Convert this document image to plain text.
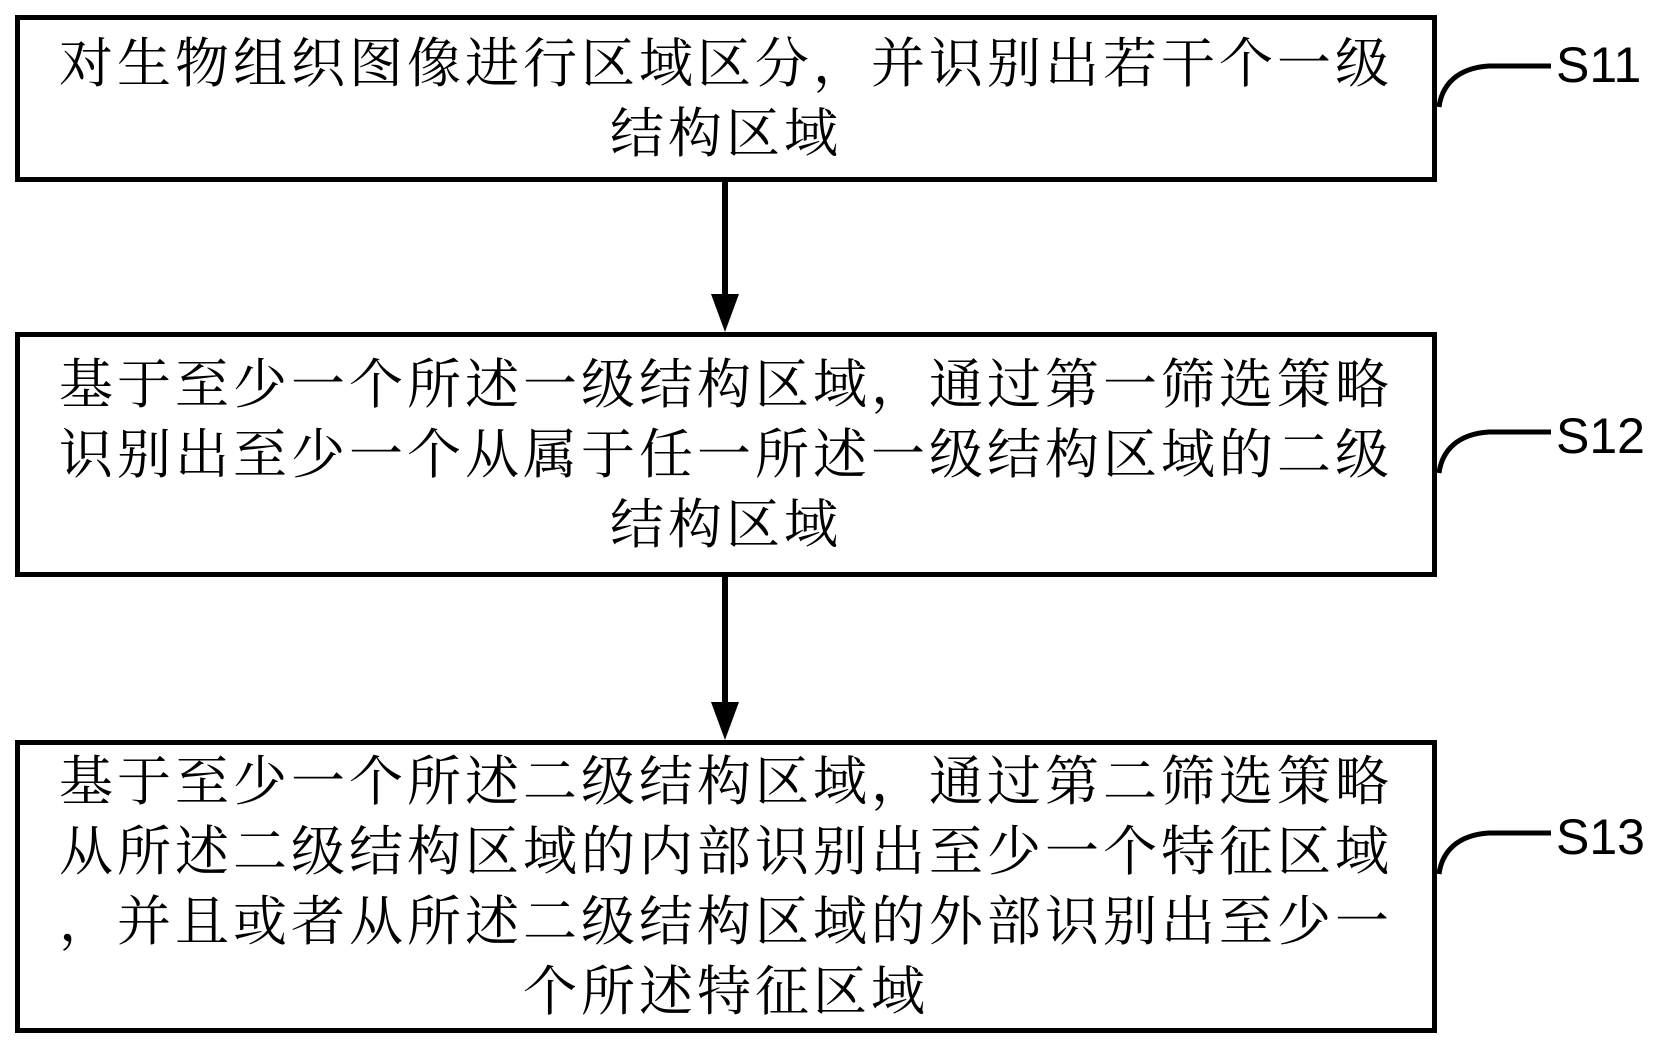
对生物组织图像进行区域区分，并识别出若干个一级
结构区域
基于至少一个所述一级结构区域，通过第一筛选策略
识别出至少一个从属于任一所述一级结构区域的二级
结构区域
基于至少一个所述二级结构区域，通过第二筛选策略
从所述二级结构区域的内部识别出至少一个特征区域
，并且或者从所述二级结构区域的外部识别出至少一
个所述特征区域
S11
S12
S13
